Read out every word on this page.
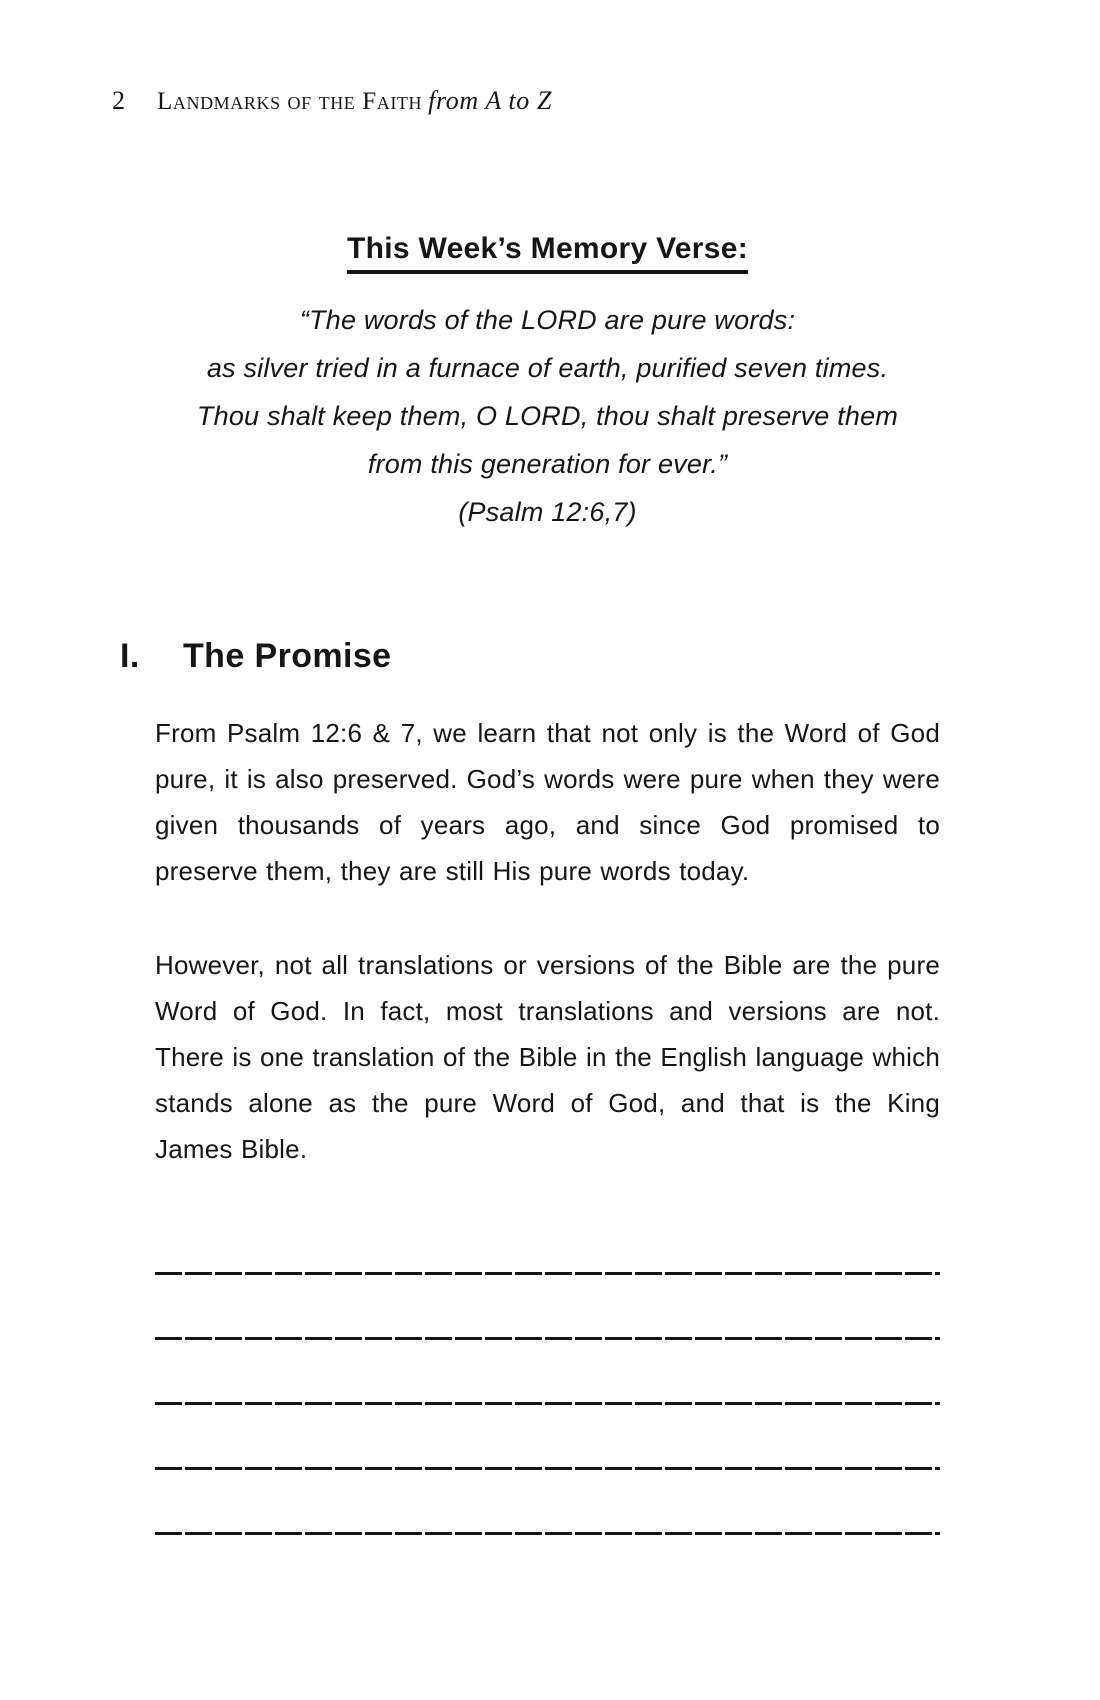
2 Landmarks of the Faith from A to Z
This Week’s Memory Verse:
“The words of the LORD are pure words:
as silver tried in a furnace of earth, purified seven times.
Thou shalt keep them, O LORD, thou shalt preserve them
from this generation for ever.”
(Psalm 12:6,7)
I.	The Promise

From Psalm 12:6 & 7, we learn that not only is the Word of God pure, it is also preserved. God’s words were pure when they were given thousands of years ago, and since God promised to preserve them, they are still His pure words today.

However, not all translations or versions of the Bible are the pure Word of God. In fact, most translations and versions are not. There is one translation of the Bible in the English language which stands alone as the pure Word of God, and that is the King James Bible.
